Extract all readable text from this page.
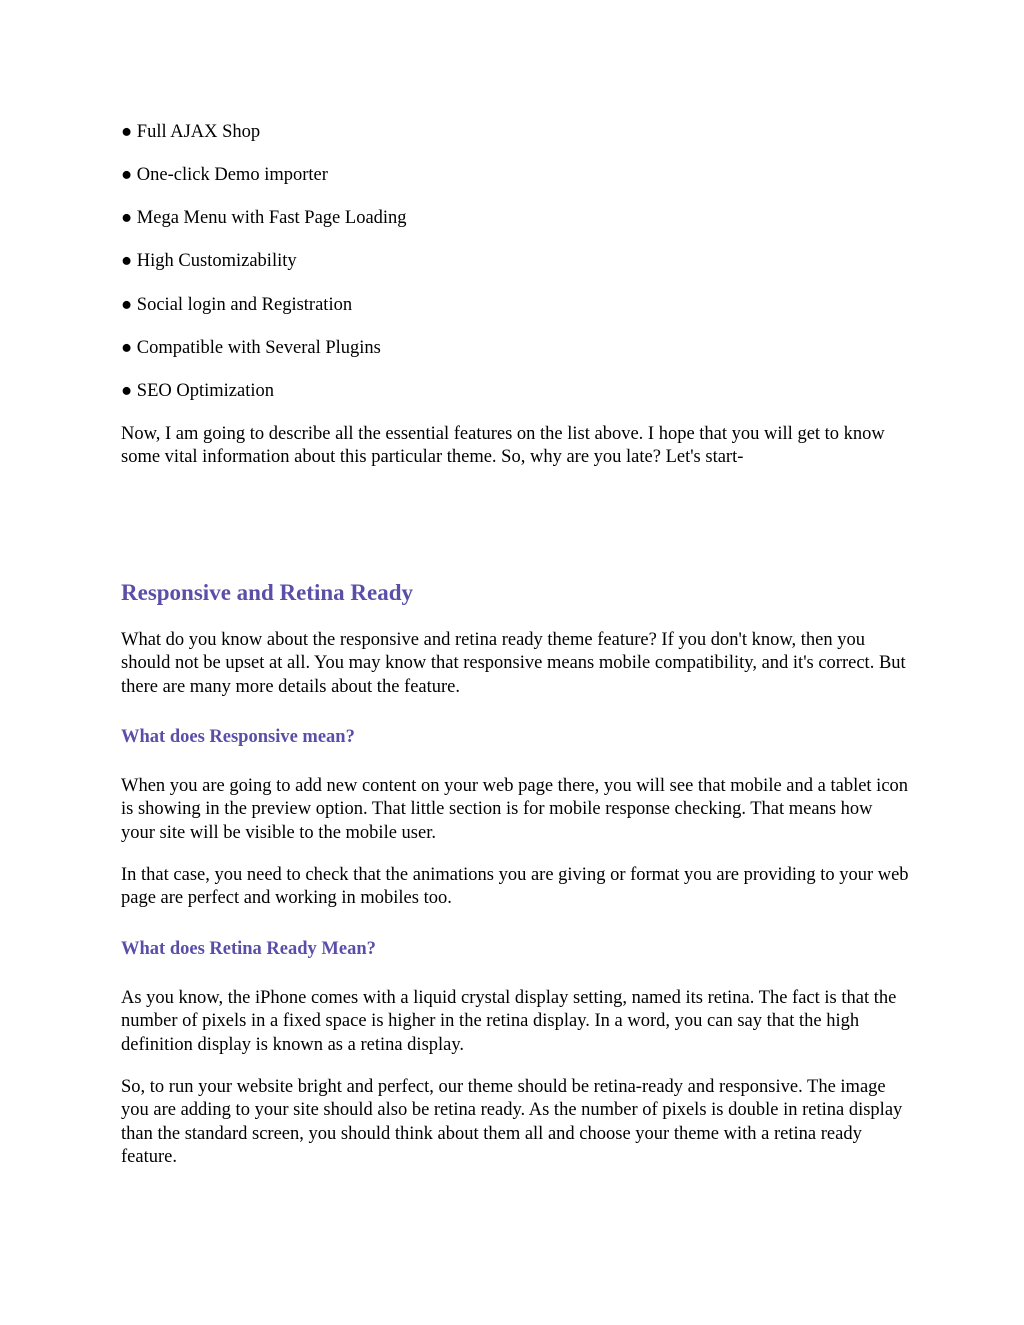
● Full AJAX Shop

● One-click Demo importer

● Mega Menu with Fast Page Loading

● High Customizability

● Social login and Registration

● Compatible with Several Plugins

● SEO Optimization

Now, I am going to describe all the essential features on the list above. I hope that you will get to know some vital information about this particular theme. So, why are you late? Let's start-

Responsive and Retina Ready

What do you know about the responsive and retina ready theme feature? If you don't know, then you should not be upset at all. You may know that responsive means mobile compatibility, and it's correct. But there are many more details about the feature.

What does Responsive mean?

When you are going to add new content on your web page there, you will see that mobile and a tablet icon is showing in the preview option. That little section is for mobile response checking. That means how your site will be visible to the mobile user.

In that case, you need to check that the animations you are giving or format you are providing to your web page are perfect and working in mobiles too.

What does Retina Ready Mean?

As you know, the iPhone comes with a liquid crystal display setting, named its retina. The fact is that the number of pixels in a fixed space is higher in the retina display. In a word, you can say that the high definition display is known as a retina display.

So, to run your website bright and perfect, our theme should be retina-ready and responsive. The image you are adding to your site should also be retina ready. As the number of pixels is double in retina display than the standard screen, you should think about them all and choose your theme with a retina ready feature.
